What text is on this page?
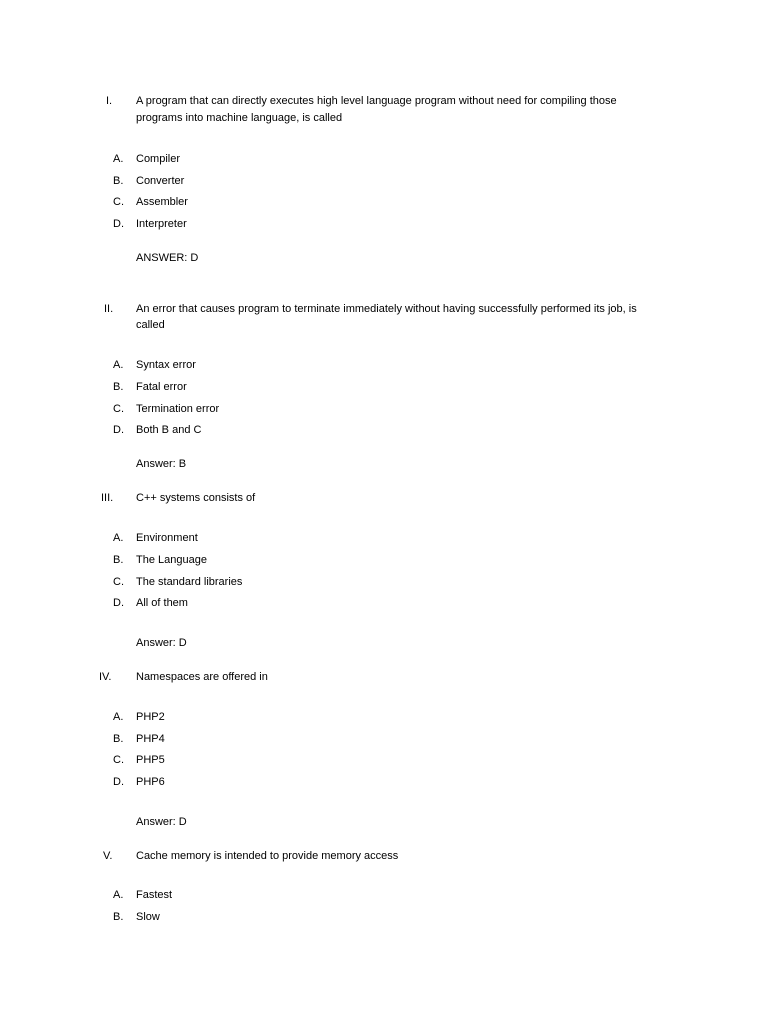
I. A program that can directly executes high level language program without need for compiling those
programs into machine language, is called
A. Compiler
B. Converter
C. Assembler
D. Interpreter
ANSWER: D
II. An error that causes program to terminate immediately without having successfully performed its job, is
called
A. Syntax error
B. Fatal error
C. Termination error
D. Both B and C
Answer: B
III. C++ systems consists of
A. Environment
B. The Language
C. The standard libraries
D. All of them
Answer: D
IV. Namespaces are offered in
A. PHP2
B. PHP4
C. PHP5
D. PHP6
Answer: D
V. Cache memory is intended to provide memory access
A. Fastest
B. Slow
